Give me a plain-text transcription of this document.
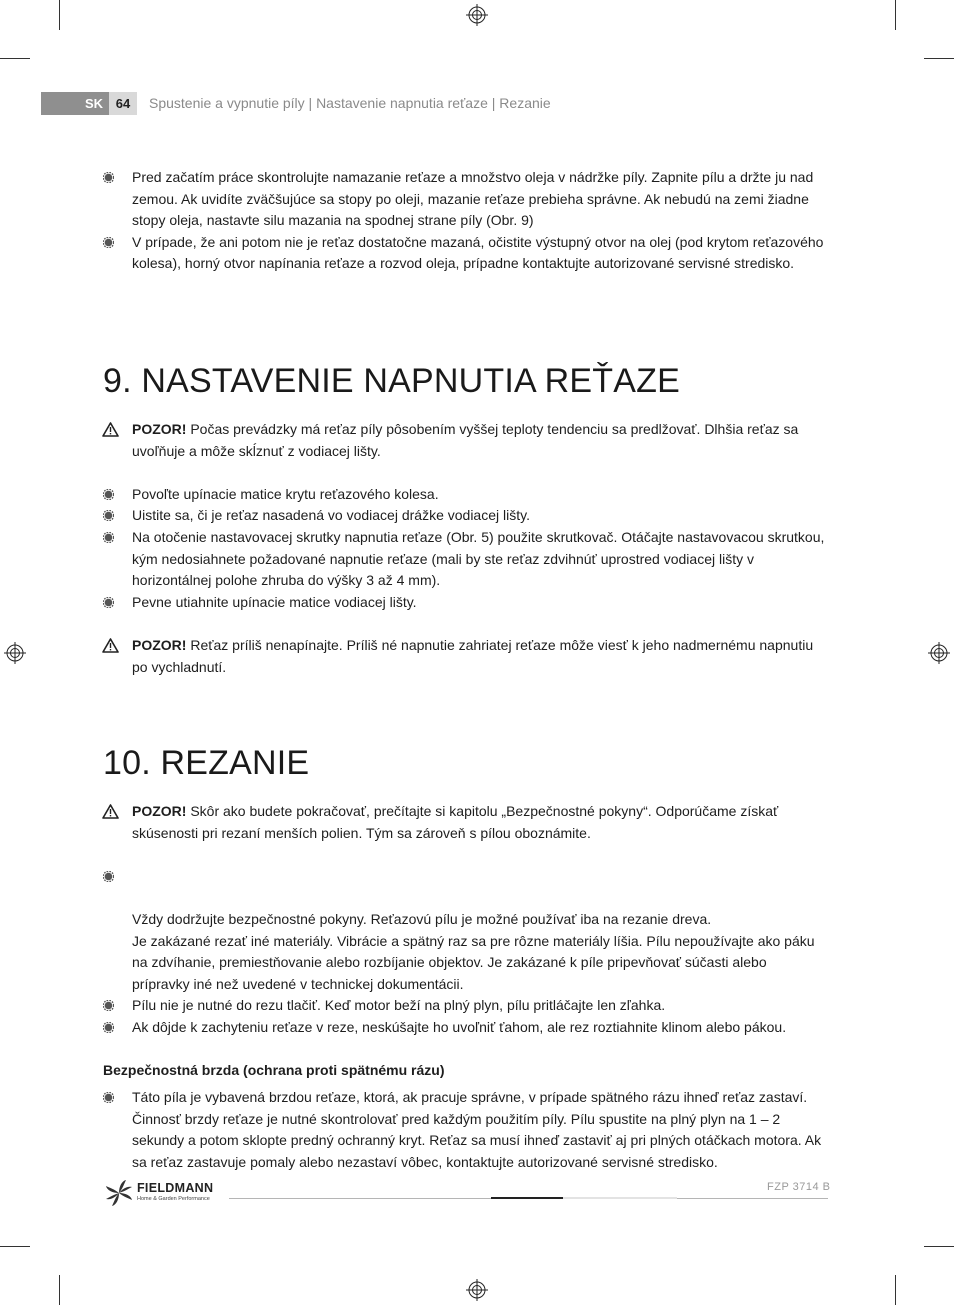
SK 64	Spustenie a vypnutie píly | Nastavenie napnutia reťaze | Rezanie
Pred začatím práce skontrolujte namazanie reťaze a množstvo oleja v nádržke píly. Zapnite pílu a držte ju nad zemou. Ak uvidíte zväčšujúce sa stopy po oleji, mazanie reťaze prebieha správne. Ak nebudú na zemi žiadne stopy oleja, nastavte silu mazania na spodnej strane píly (Obr. 9)
V prípade, že ani potom nie je reťaz dostatočne mazaná, očistite výstupný otvor na olej (pod krytom reťazového kolesa), horný otvor napínania reťaze a rozvod oleja, prípadne kontaktujte autorizované servisné stredisko.
9. NASTAVENIE NAPNUTIA REŤAZE
POZOR! Počas prevádzky má reťaz píly pôsobením vyššej teploty tendenciu sa predlžovať. Dlhšia reťaz sa uvoľňuje a môže skĺznuť z vodiacej lišty.
Povoľte upínacie matice krytu reťazového kolesa.
Uistite sa, či je reťaz nasadená vo vodiacej drážke vodiacej lišty.
Na otočenie nastavovacej skrutky napnutia reťaze (Obr. 5) použite skrutkovač. Otáčajte nastavovacou skrutkou, kým nedosiahnete požadované napnutie reťaze (mali by ste reťaz zdvihnúť uprostred vodiacej lišty v horizontálnej polohe zhruba do výšky 3 až 4 mm).
Pevne utiahnite upínacie matice vodiacej lišty.
POZOR! Reťaz príliš nenapínajte. Príliš né napnutie zahriatej reťaze môže viesť k jeho nadmernému napnutiu po vychladnutí.
10. REZANIE
POZOR! Skôr ako budete pokračovať, prečítajte si kapitolu „Bezpečnostné pokyny“. Odporúčame získať skúsenosti pri rezaní menších polien. Tým sa zároveň s pílou oboznámite.

Vždy dodržujte bezpečnostné pokyny. Reťazovú pílu je možné používať iba na rezanie dreva.
Je zakázané rezať iné materiály. Vibrácie a spätný raz sa pre rôzne materiály líšia. Pílu nepoužívajte ako páku na zdvíhanie, premiestňovanie alebo rozbíjanie objektov. Je zakázané k píle pripevňovať súčasti alebo prípravky iné než uvedené v technickej dokumentácii.

Pílu nie je nutné do rezu tlačiť. Keď motor beží na plný plyn, pílu pritláčajte len zľahka.
Ak dôjde k zachyteniu reťaze v reze, neskúšajte ho uvoľniť ťahom, ale rez roztiahnite klinom alebo pákou.
Bezpečnostná brzda (ochrana proti spätnému rázu)
Táto píla je vybavená brzdou reťaze, ktorá, ak pracuje správne, v prípade spätného rázu ihneď reťaz zastaví. Činnosť brzdy reťaze je nutné skontrolovať pred každým použitím píly. Pílu spustite na plný plyn na 1 – 2 sekundy a potom sklopte predný ochranný kryt. Reťaz sa musí ihneď zastaviť aj pri plných otáčkach motora. Ak sa reťaz zastavuje pomaly alebo nezastaví vôbec, kontaktujte autorizované servisné stredisko.
FIELDMANN
Home & Garden Performance
FZP 3714 B
